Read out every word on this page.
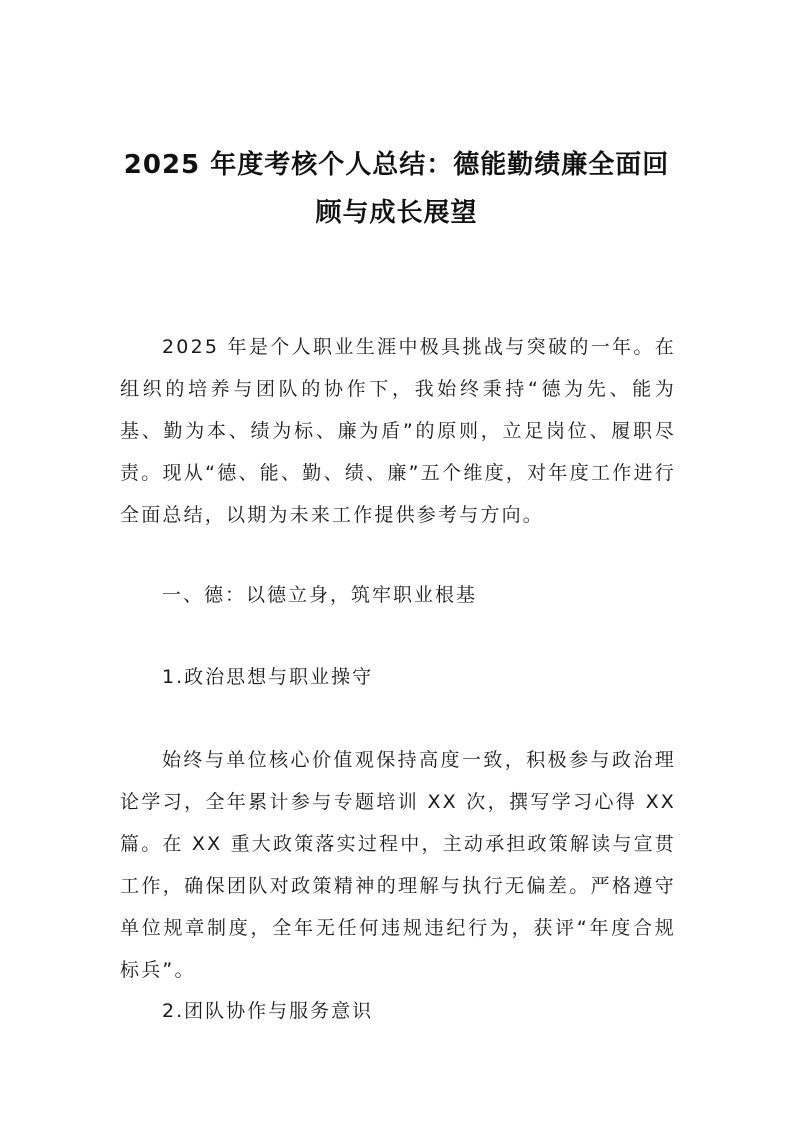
2025 年度考核个人总结：德能勤绩廉全面回
顾与成长展望

2025 年是个人职业生涯中极具挑战与突破的一年。在组织的培养与团队的协作下，我始终秉持“德为先、能为基、勤为本、绩为标、廉为盾”的原则，立足岗位、履职尽责。现从“德、能、勤、绩、廉”五个维度，对年度工作进行全面总结，以期为未来工作提供参考与方向。

一、德：以德立身，筑牢职业根基

1.政治思想与职业操守

始终与单位核心价值观保持高度一致，积极参与政治理论学习，全年累计参与专题培训 XX 次，撰写学习心得 XX 篇。在 XX 重大政策落实过程中，主动承担政策解读与宣贯工作，确保团队对政策精神的理解与执行无偏差。严格遵守单位规章制度，全年无任何违规违纪行为，获评“年度合规标兵”。

2.团队协作与服务意识
